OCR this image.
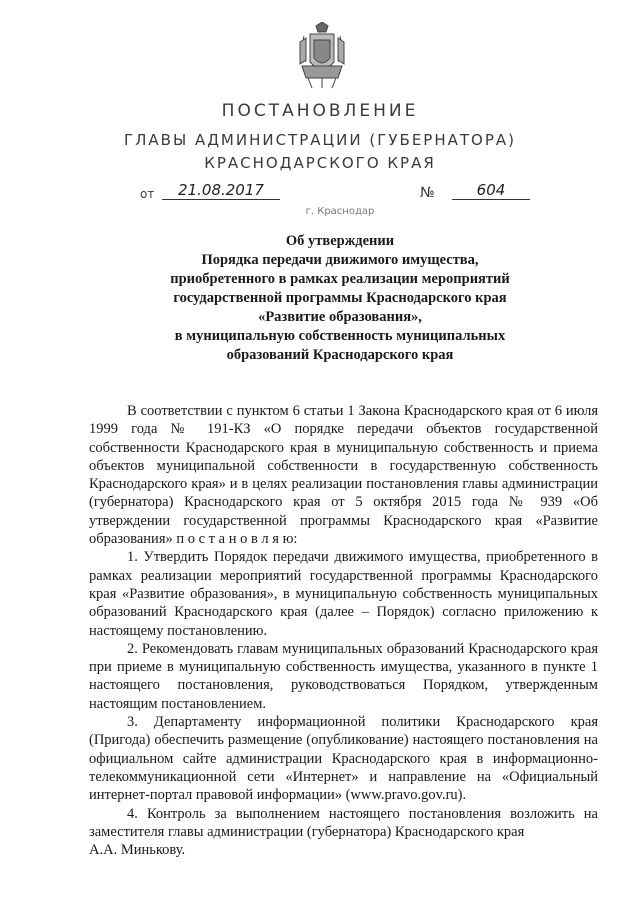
ПОСТАНОВЛЕНИЕ
ГЛАВЫ АДМИНИСТРАЦИИ (ГУБЕРНАТОРА)
КРАСНОДАРСКОГО КРАЯ
от	21.08.2017	№	604
г. Краснодар
Об утверждении
Порядка передачи движимого имущества,
приобретенного в рамках реализации мероприятий
государственной программы Краснодарского края
«Развитие образования»,
в муниципальную собственность муниципальных
образований Краснодарского края

В соответствии с пунктом 6 статьи 1 Закона Краснодарского края от 6 июля 1999 года № 191-КЗ «О порядке передачи объектов государственной собственности Краснодарского края в муниципальную собственность и приема объектов муниципальной собственности в государственную собственность Краснодарского края» и в целях реализации постановления главы администрации (губернатора) Краснодарского края от 5 октября 2015 года № 939 «Об утверждении государственной программы Краснодарского края «Развитие образования» п о с т а н о в л я ю:

1. Утвердить Порядок передачи движимого имущества, приобретенного в рамках реализации мероприятий государственной программы Краснодарского края «Развитие образования», в муниципальную собственность муниципальных образований Краснодарского края (далее – Порядок) согласно приложению к настоящему постановлению.

2. Рекомендовать главам муниципальных образований Краснодарского края при приеме в муниципальную собственность имущества, указанного в пункте 1 настоящего постановления, руководствоваться Порядком, утвержденным настоящим постановлением.

3. Департаменту информационной политики Краснодарского края (Пригода) обеспечить размещение (опубликование) настоящего постановления на официальном сайте администрации Краснодарского края в информационно-телекоммуникационной сети «Интернет» и направление на «Официальный интернет-портал правовой информации» (www.pravo.gov.ru).

4. Контроль за выполнением настоящего постановления возложить на заместителя главы администрации (губернатора) Краснодарского края

А.А. Минькову.
